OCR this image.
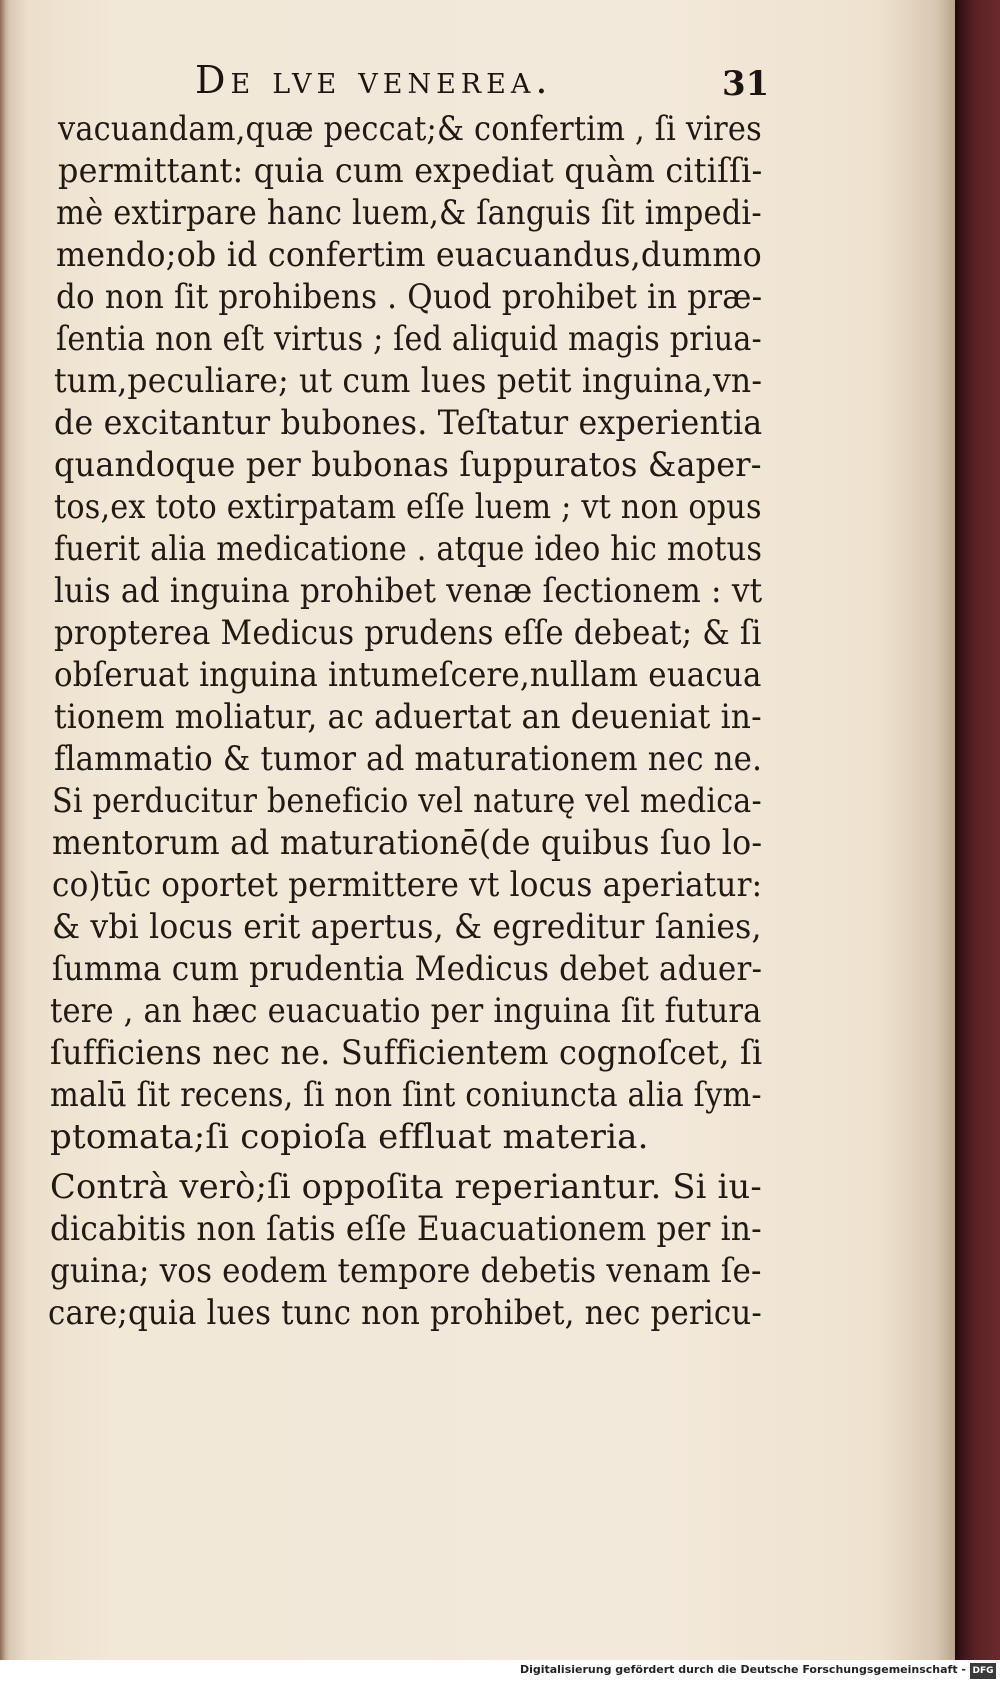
De lve venerea.	31
vacuandam,quæ peccat;& confertim , ſi vires
permittant: quia cum expediat quàm citiſſi-
mè extirpare hanc luem,& ſanguis ſit impedi-
mendo;ob id confertim euacuandus,dummo
do non ſit prohibens . Quod prohibet in præ-
ſentia non eſt virtus ; ſed aliquid magis priua-
tum,peculiare; ut cum lues petit inguina,vn-
de excitantur bubones. Teſtatur experientia
quandoque per bubonas ſuppuratos &aper-
tos,ex toto extirpatam eſſe luem ; vt non opus
fuerit alia medicatione . atque ideo hic motus
luis ad inguina prohibet venæ ſectionem : vt
propterea Medicus prudens eſſe debeat; & ſi
obſeruat inguina intumeſcere,nullam euacua
tionem moliatur, ac aduertat an deueniat in-
flammatio & tumor ad maturationem nec ne.
Si perducitur beneficio vel naturę vel medica-
mentorum ad maturationē(de quibus ſuo lo-
co)tūc oportet permittere vt locus aperiatur:
& vbi locus erit apertus, & egreditur ſanies,
ſumma cum prudentia Medicus debet aduer-
tere , an hæc euacuatio per inguina ſit futura
ſufficiens nec ne. Sufficientem cognoſcet, ſi
malū ſit recens, ſi non ſint coniuncta alia ſym-
ptomata;ſi copioſa effluat materia.
Contrà verò;ſi oppoſita reperiantur. Si iu-
dicabitis non ſatis eſſe Euacuationem per in-
guina; vos eodem tempore debetis venam ſe-
care;quia lues tunc non prohibet, nec pericu-
Digitalisierung gefördert durch die Deutsche Forschungsgemeinschaft - DFG
